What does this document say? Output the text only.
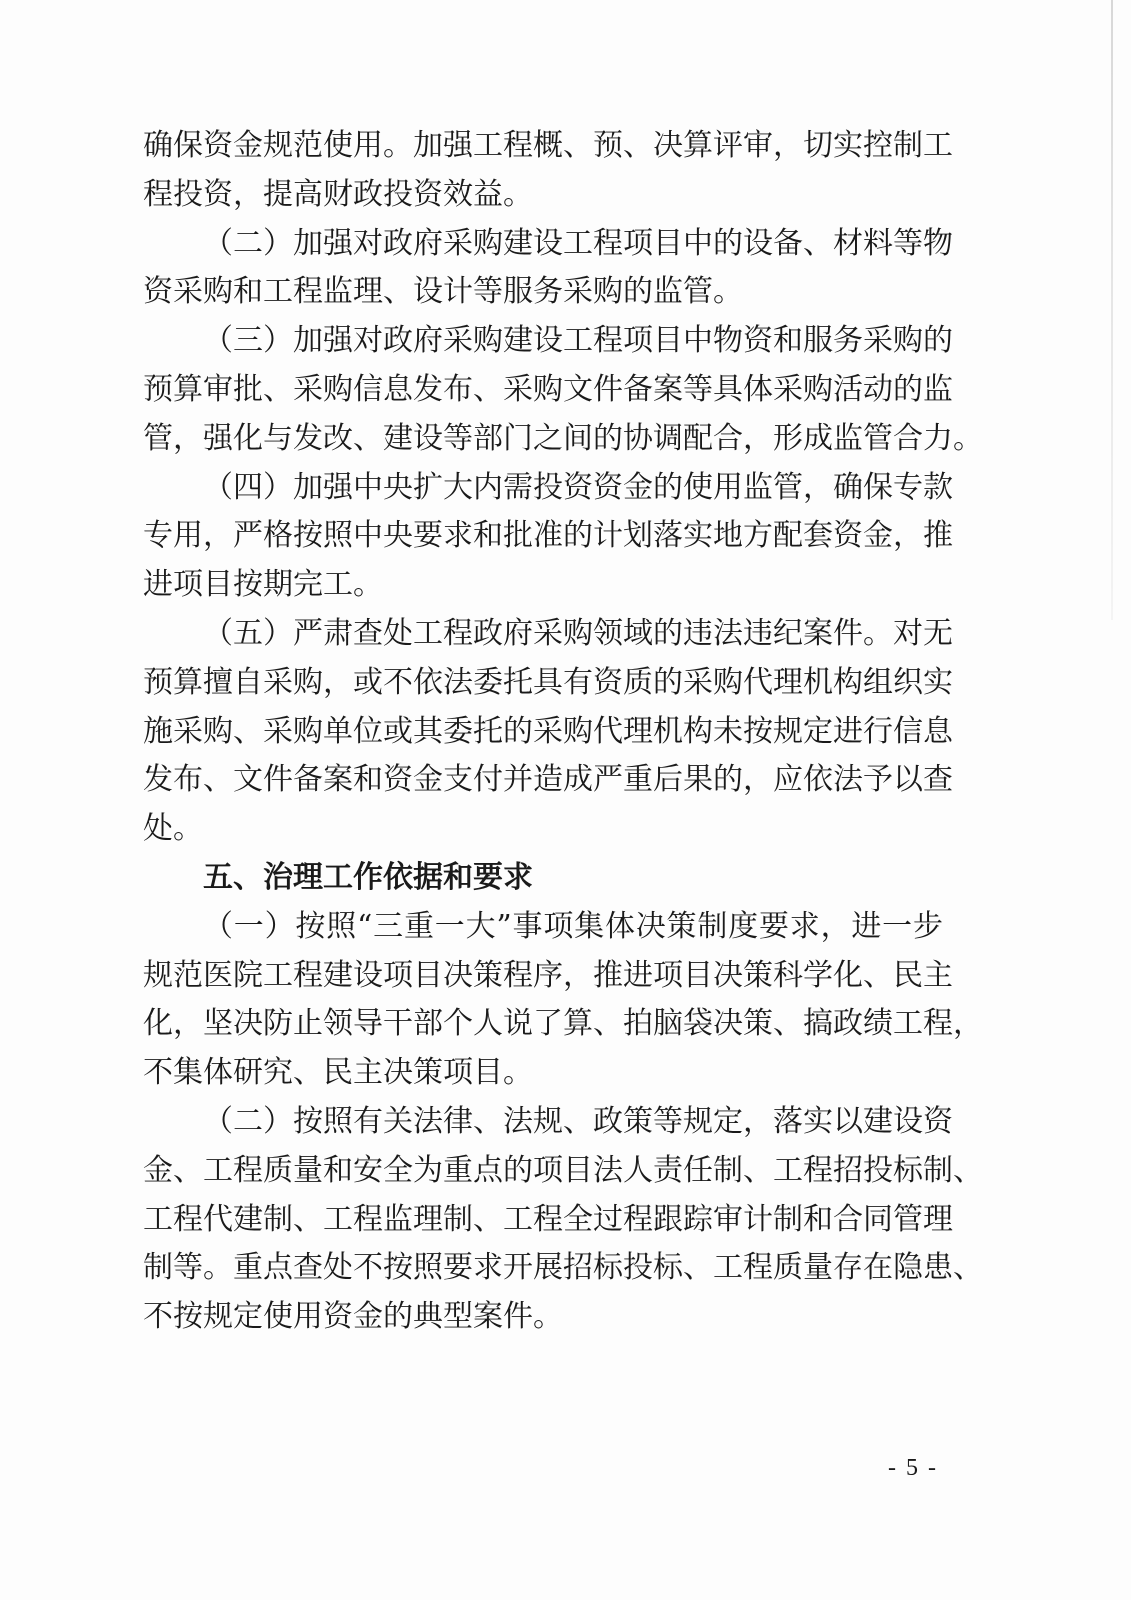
确保资金规范使用。加强工程概、预、决算评审，切实控制工
程投资，提高财政投资效益。
（二）加强对政府采购建设工程项目中的设备、材料等物
资采购和工程监理、设计等服务采购的监管。
（三）加强对政府采购建设工程项目中物资和服务采购的
预算审批、采购信息发布、采购文件备案等具体采购活动的监
管，强化与发改、建设等部门之间的协调配合，形成监管合力。
（四）加强中央扩大内需投资资金的使用监管，确保专款
专用，严格按照中央要求和批准的计划落实地方配套资金，推
进项目按期完工。
（五）严肃查处工程政府采购领域的违法违纪案件。对无
预算擅自采购，或不依法委托具有资质的采购代理机构组织实
施采购、采购单位或其委托的采购代理机构未按规定进行信息
发布、文件备案和资金支付并造成严重后果的，应依法予以查
处。
五、治理工作依据和要求
（一）按照“三重一大”事项集体决策制度要求，进一步
规范医院工程建设项目决策程序，推进项目决策科学化、民主
化，坚决防止领导干部个人说了算、拍脑袋决策、搞政绩工程，
不集体研究、民主决策项目。
（二）按照有关法律、法规、政策等规定，落实以建设资
金、工程质量和安全为重点的项目法人责任制、工程招投标制、
工程代建制、工程监理制、工程全过程跟踪审计制和合同管理
制等。重点查处不按照要求开展招标投标、工程质量存在隐患、
不按规定使用资金的典型案件。
- 5 -
